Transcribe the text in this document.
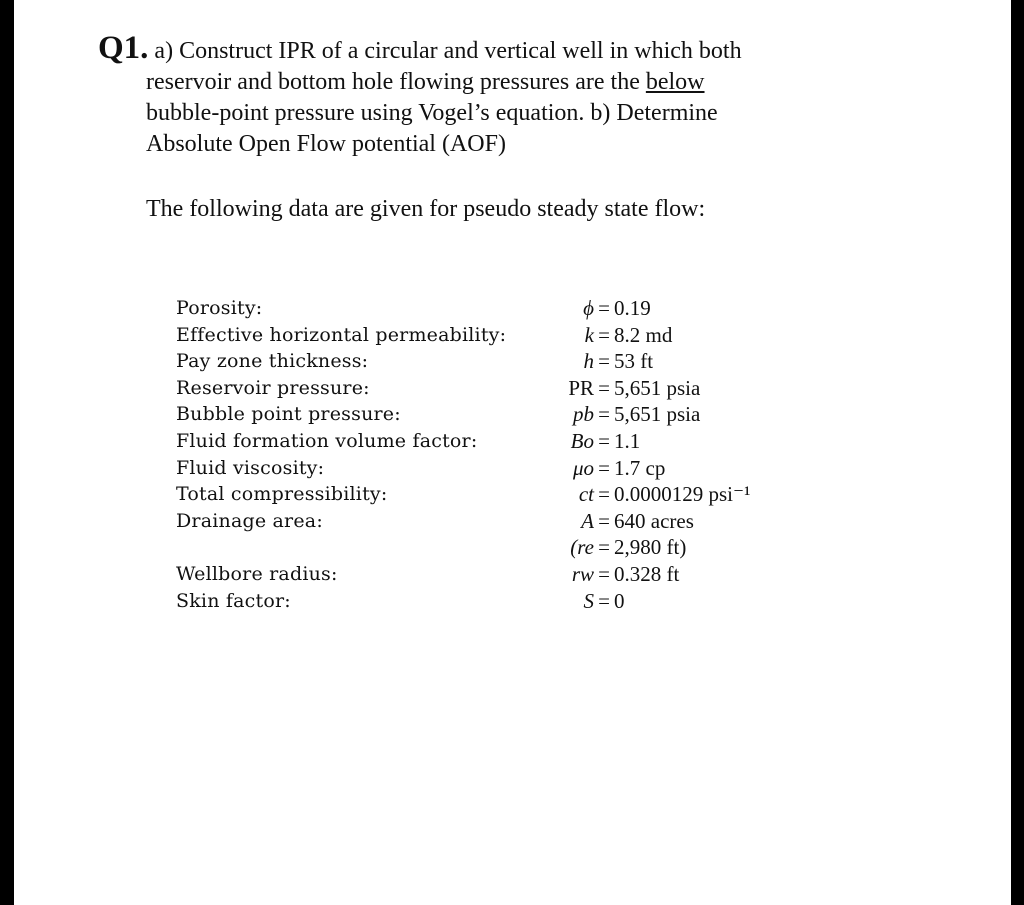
Q1. a) Construct IPR of a circular and vertical well in which both
reservoir and bottom hole flowing pressures are the below
bubble-point pressure using Vogel’s equation. b) Determine
Absolute Open Flow potential (AOF)
The following data are given for pseudo steady state flow:
Porosity:
Effective horizontal permeability:
Pay zone thickness:
Reservoir pressure:
Bubble point pressure:
Fluid formation volume factor:
Fluid viscosity:
Total compressibility:
Drainage area:
Wellbore radius:
Skin factor:
ϕ = 0.19
k = 8.2 md
h = 53 ft
PR = 5,651 psia
pb = 5,651 psia
Bo = 1.1
μo = 1.7 cp
ct = 0.0000129 psi⁻¹
A = 640 acres
(re = 2,980 ft)
rw = 0.328 ft
S = 0
